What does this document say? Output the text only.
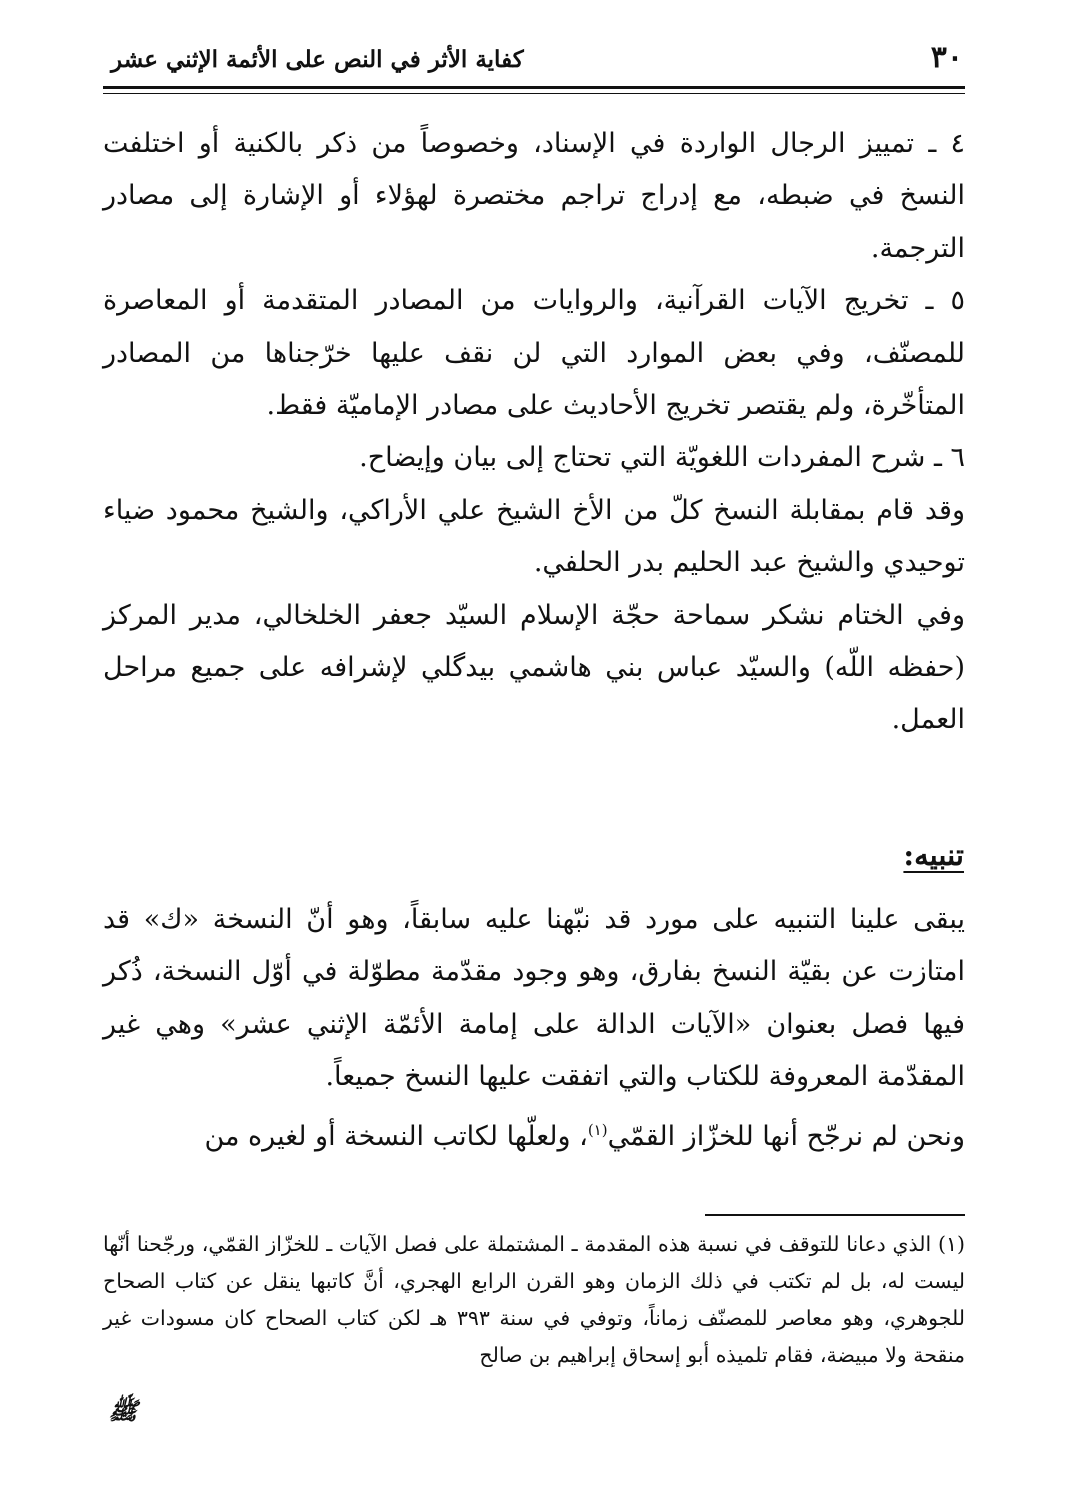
كفاية الأثر في النص على الأئمة الإثني عشر	٣٠

٤ ـ تمييز الرجال الواردة في الإسناد، وخصوصاً من ذكر بالكنية أو اختلفت النسخ في ضبطه، مع إدراج تراجم مختصرة لهؤلاء أو الإشارة إلى مصادر الترجمة.

٥ ـ تخريج الآيات القرآنية، والروايات من المصادر المتقدمة أو المعاصرة للمصنّف، وفي بعض الموارد التي لن نقف عليها خرّجناها من المصادر المتأخّرة، ولم يقتصر تخريج الأحاديث على مصادر الإماميّة فقط.

٦ ـ شرح المفردات اللغويّة التي تحتاج إلى بيان وإيضاح.

وقد قام بمقابلة النسخ كلّ من الأخ الشيخ علي الأراكي، والشيخ محمود ضياء توحيدي والشيخ عبد الحليم بدر الحلفي.

وفي الختام نشكر سماحة حجّة الإسلام السيّد جعفر الخلخالي، مدير المركز (حفظه اللّه) والسيّد عباس بني هاشمي بيدگلي لإشرافه على جميع مراحل العمل.

تنبيه:

يبقى علينا التنبيه على مورد قد نبّهنا عليه سابقاً، وهو أنّ النسخة «ك» قد امتازت عن بقيّة النسخ بفارق، وهو وجود مقدّمة مطوّلة في أوّل النسخة، ذُكر فيها فصل بعنوان «الآيات الدالة على إمامة الأئمّة الإثني عشر» وهي غير المقدّمة المعروفة للكتاب والتي اتفقت عليها النسخ جميعاً.

ونحن لم نرجّح أنها للخزّاز القمّي$^{(١)}$، ولعلّها لكاتب النسخة أو لغيره من

(١) الذي دعانا للتوقف في نسبة هذه المقدمة ـ المشتملة على فصل الآيات ـ للخزّاز القمّي، ورجّحنا أنّها ليست له، بل لم تكتب في ذلك الزمان وهو القرن الرابع الهجري، أنَّ كاتبها ينقل عن كتاب الصحاح للجوهري، وهو معاصر للمصنّف زماناً، وتوفي في سنة ٣٩٣ هـ لكن كتاب الصحاح كان مسودات غير منقحة ولا مبيضة، فقام تلميذه أبو إسحاق إبراهيم بن صالح

ﷺ
